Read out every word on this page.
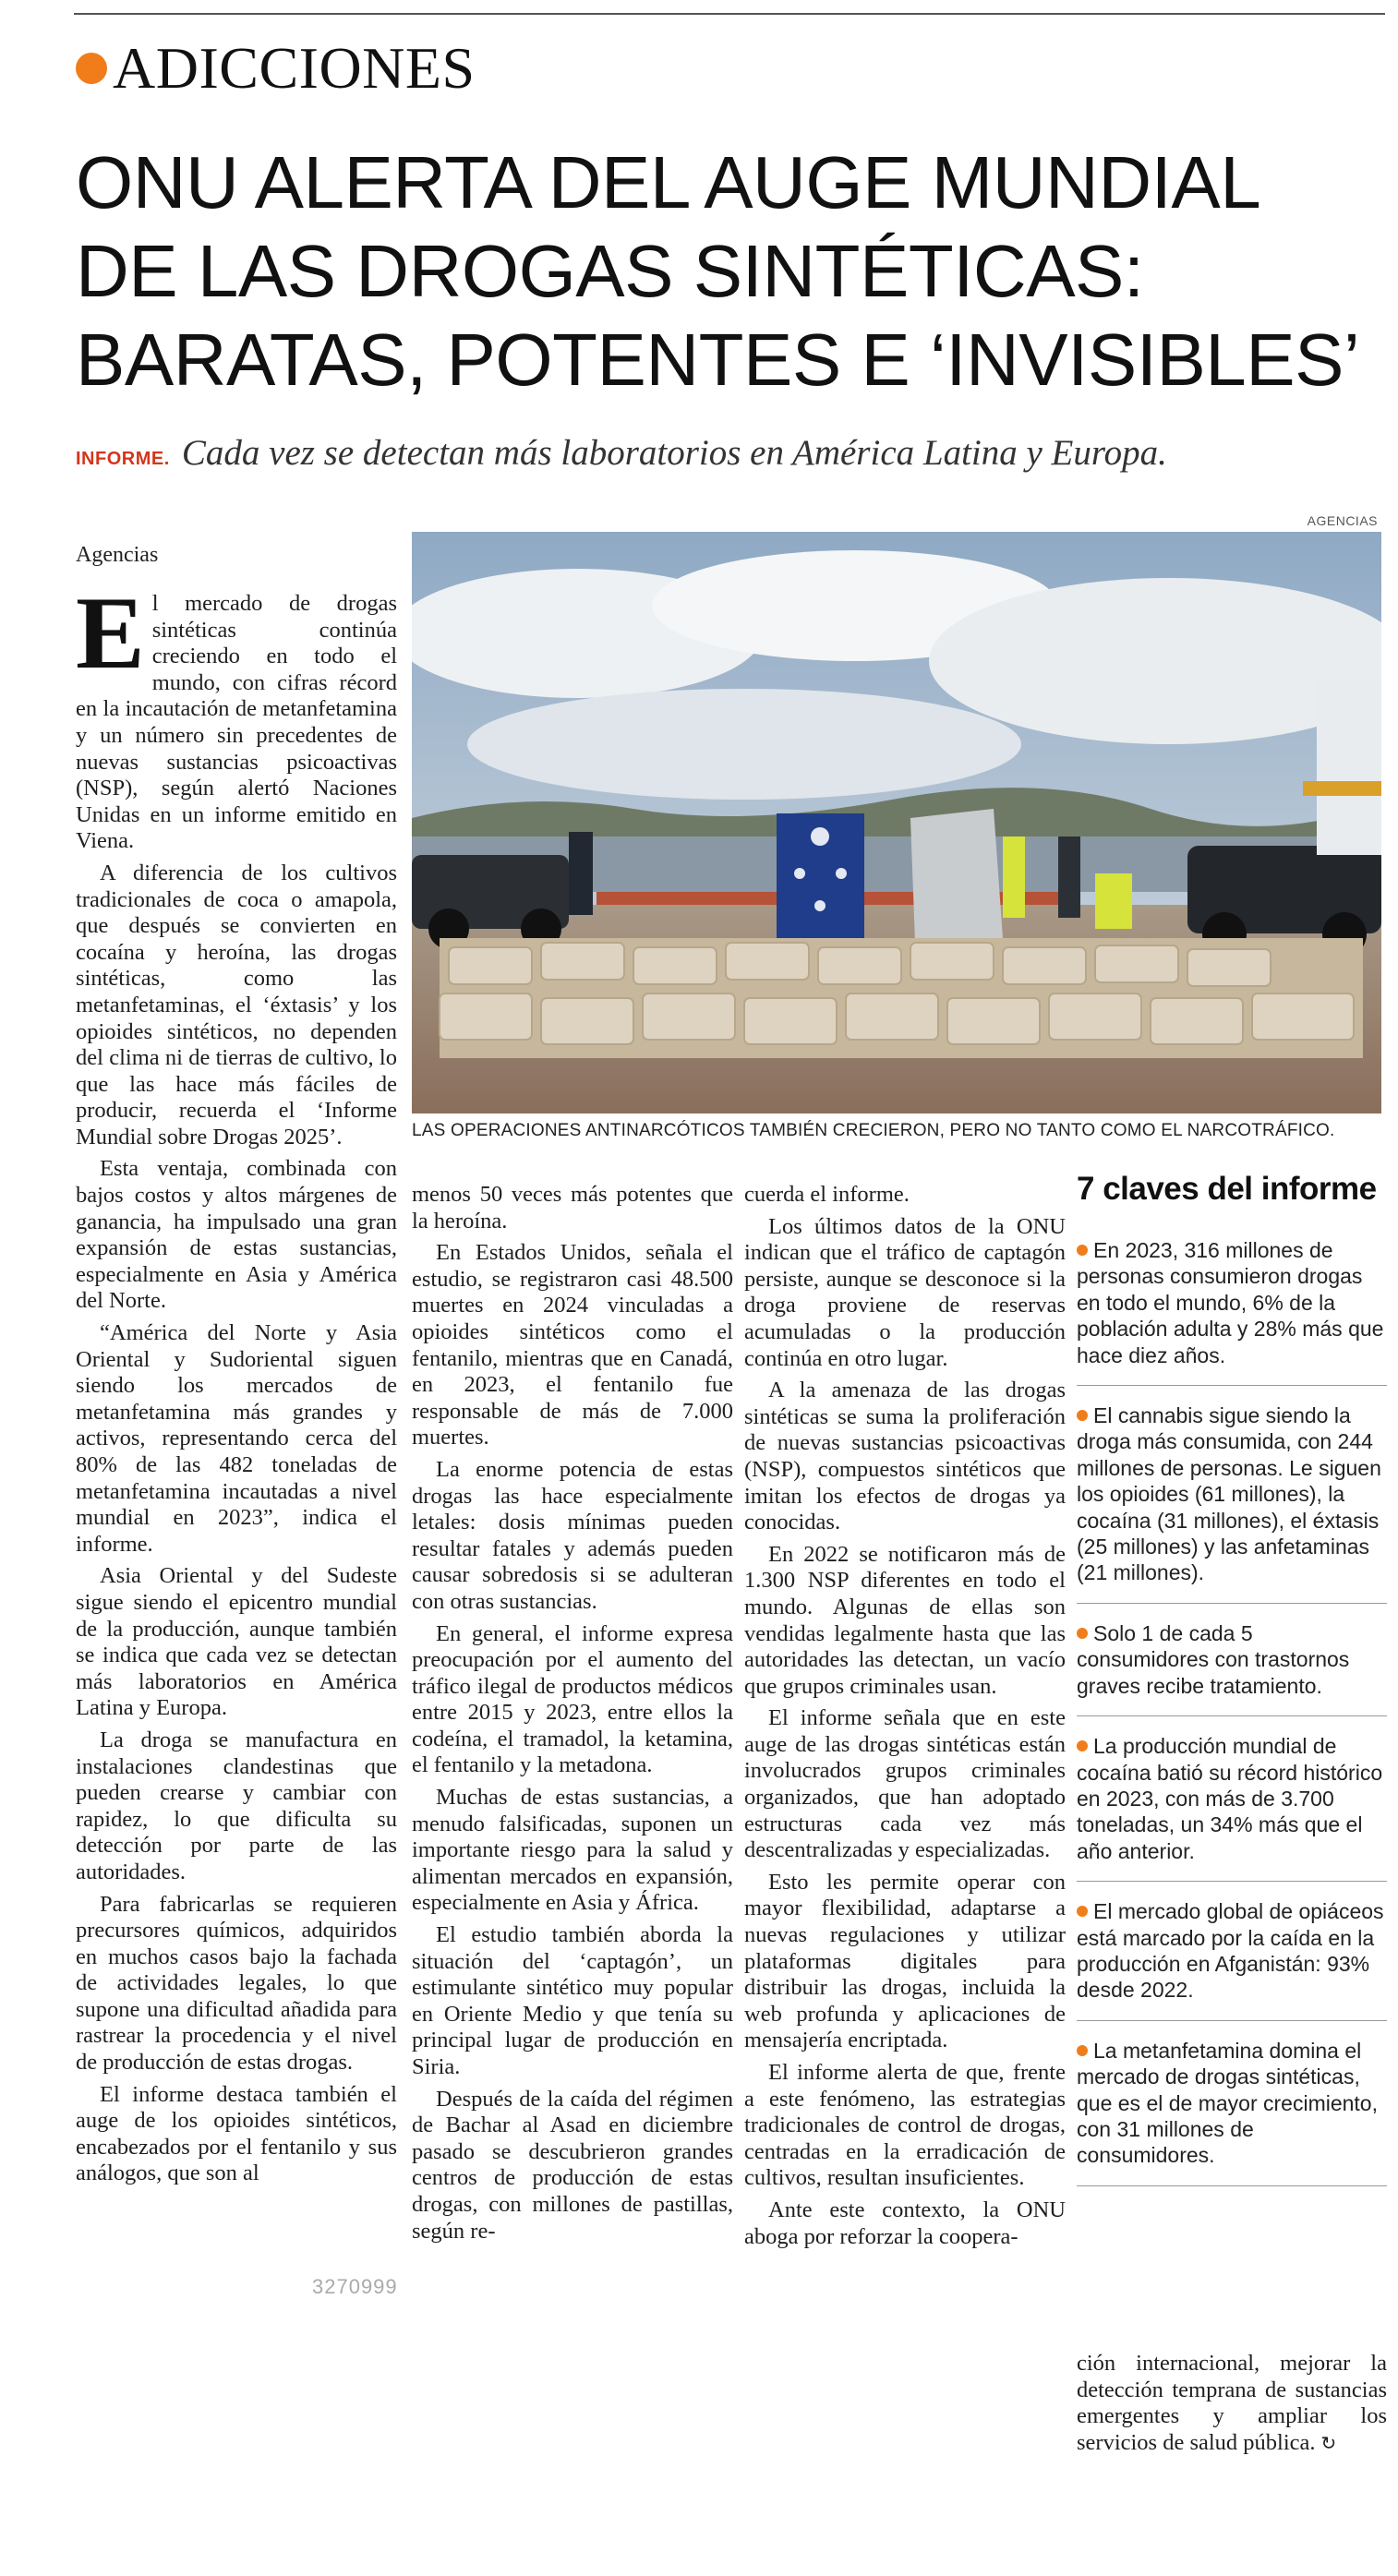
ADICCIONES
ONU ALERTA DEL AUGE MUNDIAL
DE LAS DROGAS SINTÉTICAS:
BARATAS, POTENTES E ‘INVISIBLES’
INFORME. Cada vez se detectan más laboratorios en América Latina y Europa.
AGENCIAS
LAS OPERACIONES ANTINARCÓTICOS TAMBIÉN CRECIERON, PERO NO TANTO COMO EL NARCOTRÁFICO.
Agencias

El mercado de drogas sintéticas continúa creciendo en todo el mundo, con cifras récord en la incautación de metanfetamina y un número sin precedentes de nuevas sustancias psicoactivas (NSP), según alertó Naciones Unidas en un informe emitido en Viena.

A diferencia de los cultivos tradicionales de coca o amapola, que después se convierten en cocaína y heroína, las drogas sintéticas, como las metanfetaminas, el ‘éxtasis’ y los opioides sintéticos, no dependen del clima ni de tierras de cultivo, lo que las hace más fáciles de producir, recuerda el ‘Informe Mundial sobre Drogas 2025’.

Esta ventaja, combinada con bajos costos y altos márgenes de ganancia, ha impulsado una gran expansión de estas sustancias, especialmente en Asia y América del Norte.

“América del Norte y Asia Oriental y Sudoriental siguen siendo los mercados de metanfetamina más grandes y activos, representando cerca del 80% de las 482 toneladas de metanfetamina incautadas a nivel mundial en 2023”, indica el informe.

Asia Oriental y del Sudeste sigue siendo el epicentro mundial de la producción, aunque también se indica que cada vez se detectan más laboratorios en América Latina y Europa.

La droga se manufactura en instalaciones clandestinas que pueden crearse y cambiar con rapidez, lo que dificulta su detección por parte de las autoridades.

Para fabricarlas se requieren precursores químicos, adquiridos en muchos casos bajo la fachada de actividades legales, lo que supone una dificultad añadida para rastrear la procedencia y el nivel de producción de estas drogas.

El informe destaca también el auge de los opioides sintéticos, encabezados por el fentanilo y sus análogos, que son al

menos 50 veces más potentes que la heroína.

En Estados Unidos, señala el estudio, se registraron casi 48.500 muertes en 2024 vinculadas a opioides sintéticos como el fentanilo, mientras que en Canadá, en 2023, el fentanilo fue responsable de más de 7.000 muertes.

La enorme potencia de estas drogas las hace especialmente letales: dosis mínimas pueden resultar fatales y además pueden causar sobredosis si se adulteran con otras sustancias.

En general, el informe expresa preocupación por el aumento del tráfico ilegal de productos médicos entre 2015 y 2023, entre ellos la codeína, el tramadol, la ketamina, el fentanilo y la metadona.

Muchas de estas sustancias, a menudo falsificadas, suponen un importante riesgo para la salud y alimentan mercados en expansión, especialmente en Asia y África.

El estudio también aborda la situación del ‘captagón’, un estimulante sintético muy popular en Oriente Medio y que tenía su principal lugar de producción en Siria.

Después de la caída del régimen de Bachar al Asad en diciembre pasado se descubrieron grandes centros de producción de estas drogas, con millones de pastillas, según re-

cuerda el informe.

Los últimos datos de la ONU indican que el tráfico de captagón persiste, aunque se desconoce si la droga proviene de reservas acumuladas o la producción continúa en otro lugar.

A la amenaza de las drogas sintéticas se suma la proliferación de nuevas sustancias psicoactivas (NSP), compuestos sintéticos que imitan los efectos de drogas ya conocidas.

En 2022 se notificaron más de 1.300 NSP diferentes en todo el mundo. Algunas de ellas son vendidas legalmente hasta que las autoridades las detectan, un vacío que grupos criminales usan.

El informe señala que en este auge de las drogas sintéticas están involucrados grupos criminales organizados, que han adoptado estructuras cada vez más descentralizadas y especializadas.

Esto les permite operar con mayor flexibilidad, adaptarse a nuevas regulaciones y utilizar plataformas digitales para distribuir las drogas, incluida la web profunda y aplicaciones de mensajería encriptada.

El informe alerta de que, frente a este fenómeno, las estrategias tradicionales de control de drogas, centradas en la erradicación de cultivos, resultan insuficientes.

Ante este contexto, la ONU aboga por reforzar la coopera-

7 claves del informe
En 2023, 316 millones de personas consumieron drogas en todo el mundo, 6% de la población adulta y 28% más que hace diez años.
El cannabis sigue siendo la droga más consumida, con 244 millones de personas. Le siguen los opioides (61 millones), la cocaína (31 millones), el éxtasis (25 millones) y las anfetaminas (21 millones).
Solo 1 de cada 5 consumidores con trastornos graves recibe tratamiento.
La producción mundial de cocaína batió su récord histórico en 2023, con más de 3.700 toneladas, un 34% más que el año anterior.
El mercado global de opiáceos está marcado por la caída en la producción en Afganistán: 93% desde 2022.
La metanfetamina domina el mercado de drogas sintéticas, que es el de mayor crecimiento, con 31 millones de consumidores.
ción internacional, mejorar la detección temprana de sustancias emergentes y ampliar los servicios de salud pública. ↻
3270999
